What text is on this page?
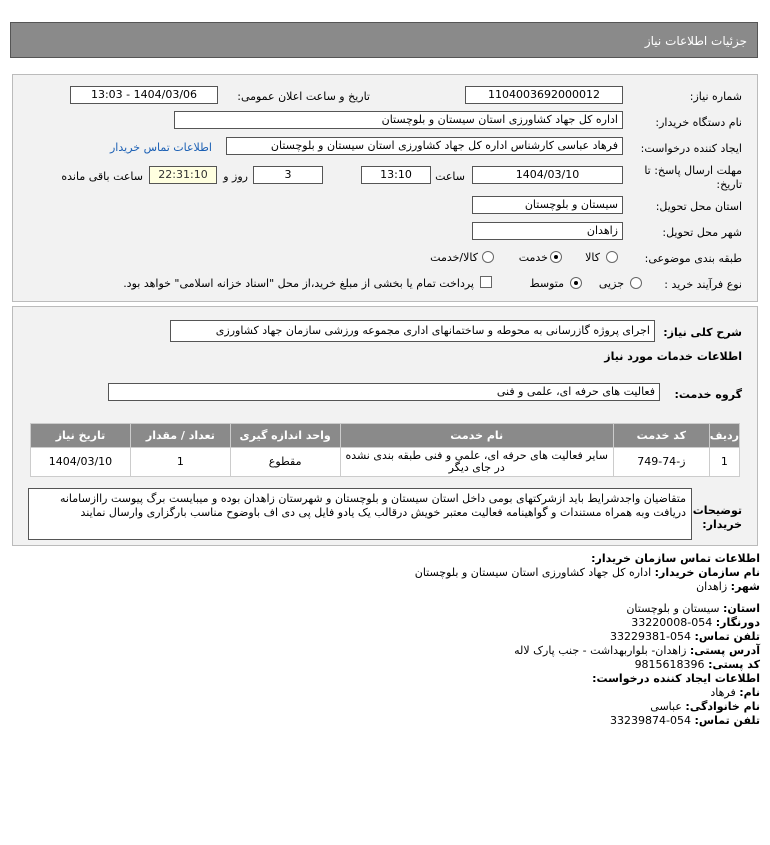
جزئیات اطلاعات نیاز
شماره نیاز:
1104003692000012
تاریخ و ساعت اعلان عمومی:
1404/03/06 - 13:03
نام دستگاه خریدار:
اداره کل جهاد کشاورزی استان سیستان و بلوچستان
ایجاد کننده درخواست:
فرهاد عباسی کارشناس اداره کل جهاد کشاورزی استان سیستان و بلوچستان
اطلاعات تماس خریدار
مهلت ارسال پاسخ: تا
تاریخ:
1404/03/10
ساعت
13:10
3
روز و
22:31:10
ساعت باقی مانده
استان محل تحویل:
سیستان و بلوچستان
شهر محل تحویل:
زاهدان
طبقه بندی موضوعی:
کالا
خدمت
کالا/خدمت
نوع فرآیند خرید :
جزیی
متوسط
پرداخت تمام یا بخشی از مبلغ خرید،از محل "اسناد خزانه اسلامی" خواهد بود.
شرح کلی نیاز:
اجرای پروژه گازرسانی به محوطه و ساختمانهای اداری مجموعه ورزشی سازمان جهاد کشاورزی
اطلاعات خدمات مورد نیاز
گروه خدمت:
فعالیت های حرفه ای، علمی و فنی
ردیف	کد خدمت	نام خدمت	واحد اندازه گیری	تعداد / مقدار	تاریخ نیاز
1	ز-74-749	سایر فعالیت های حرفه ای، علمی و فنی طبقه بندی نشده در جای دیگر	مقطوع	1	1404/03/10
توضیحات
خریدار:
متقاضیان واجدشرایط باید ازشرکتهای بومی داخل استان سیستان و بلوچستان و شهرستان زاهدان بوده و میبایست برگ پیوست راازسامانه دریافت وبه همراه مستندات و گواهینامه فعالیت معتبر خویش درقالب یک یادو فایل پی دی اف باوضوح مناسب بارگزاری وارسال نمایند
اطلاعات تماس سازمان خریدار:
نام سازمان خریدار: اداره کل جهاد کشاورزی استان سیستان و بلوچستان
شهر: زاهدان
استان: سیستان و بلوچستان
دورنگار: 054-33220008
تلفن تماس: 054-33229381
آدرس پستی: زاهدان- بلواربهداشت - جنب پارک لاله
کد پستی: 9815618396
اطلاعات ایجاد کننده درخواست:
نام: فرهاد
نام خانوادگی: عباسی
تلفن تماس: 054-33239874
